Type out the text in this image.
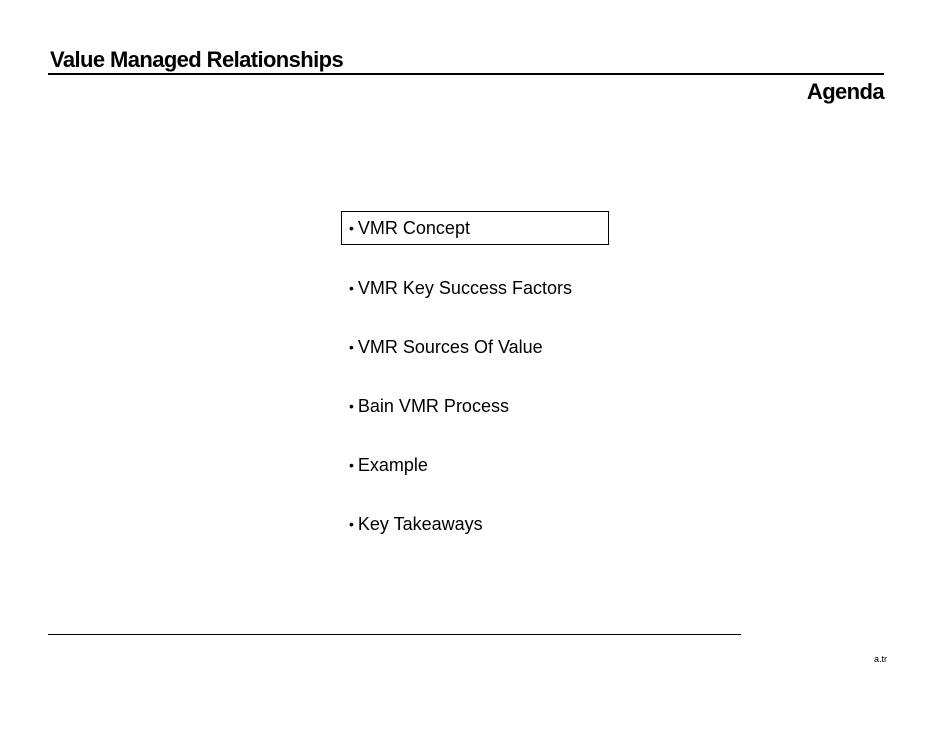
Value Managed Relationships
Agenda
• VMR Concept
• VMR Key Success Factors
• VMR Sources Of Value
• Bain VMR Process
• Example
• Key Takeaways
a.tr
